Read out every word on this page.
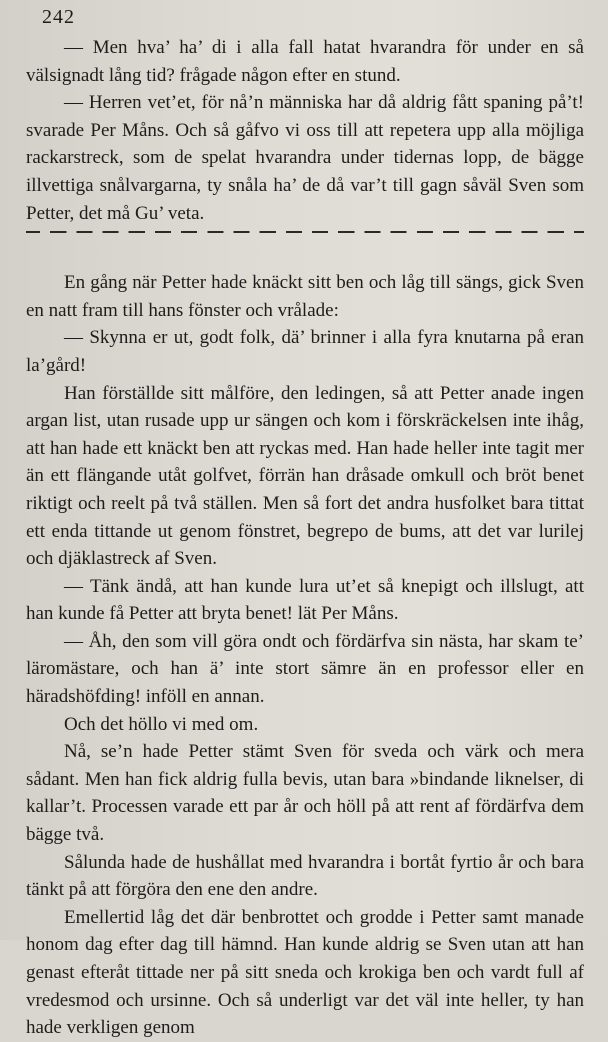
242

— Men hva’ ha’ di i alla fall hatat hvarandra för under en så välsignadt lång tid? frågade någon efter en stund.

— Herren vet’et, för nå’n människa har då aldrig fått spaning på’t! svarade Per Måns. Och så gåfvo vi oss till att repetera upp alla möjliga rackarstreck, som de spelat hvarandra under tidernas lopp, de bägge illvettiga snålvargarna, ty snåla ha’ de då var’t till gagn såväl Sven som Petter, det må Gu’ veta.

En gång när Petter hade knäckt sitt ben och låg till sängs, gick Sven en natt fram till hans fönster och vrålade:

— Skynna er ut, godt folk, dä’ brinner i alla fyra knutarna på eran la’gård!

Han förställde sitt målföre, den ledingen, så att Petter anade ingen argan list, utan rusade upp ur sängen och kom i förskräckelsen inte ihåg, att han hade ett knäckt ben att ryckas med. Han hade heller inte tagit mer än ett flängande utåt golfvet, förrän han dråsade omkull och bröt benet riktigt och reelt på två ställen. Men så fort det andra husfolket bara tittat ett enda tittande ut genom fönstret, begrepo de bums, att det var lurilej och djäklastreck af Sven.

— Tänk ändå, att han kunde lura ut’et så knepigt och illslugt, att han kunde få Petter att bryta benet! lät Per Måns.

— Åh, den som vill göra ondt och fördärfva sin nästa, har skam te’ läromästare, och han ä’ inte stort sämre än en professor eller en häradshöfding! inföll en annan.

Och det höllo vi med om.

Nå, se’n hade Petter stämt Sven för sveda och värk och mera sådant. Men han fick aldrig fulla bevis, utan bara »bindande liknelser, di kallar’t. Processen varade ett par år och höll på att rent af fördärfva dem bägge två.

Sålunda hade de hushållat med hvarandra i bortåt fyrtio år och bara tänkt på att förgöra den ene den andre.

Emellertid låg det där benbrottet och grodde i Petter samt manade honom dag efter dag till hämnd. Han kunde aldrig se Sven utan att han genast efteråt tittade ner på sitt sneda och krokiga ben och vardt full af vredesmod och ursinne. Och så underligt var det väl inte heller, ty han hade verkligen genom
